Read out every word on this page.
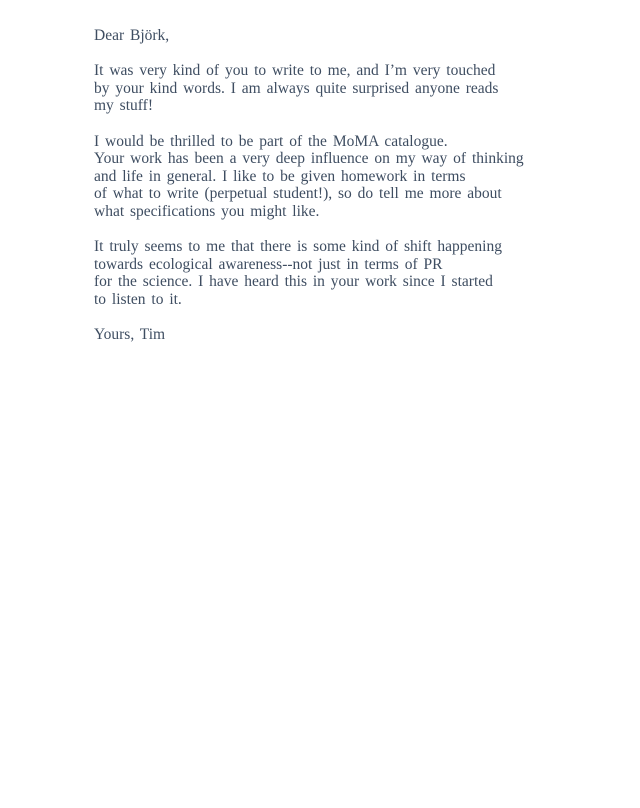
Dear Björk,

It was very kind of you to write to me, and I’m very touched
by your kind words. I am always quite surprised anyone reads
my stuff!

I would be thrilled to be part of the MoMA catalogue.
Your work has been a very deep influence on my way of thinking
and life in general. I like to be given homework in terms
of what to write (perpetual student!), so do tell me more about
what specifications you might like.

It truly seems to me that there is some kind of shift happening
towards ecological awareness--not just in terms of PR
for the science. I have heard this in your work since I started
to listen to it.

Yours, Tim
